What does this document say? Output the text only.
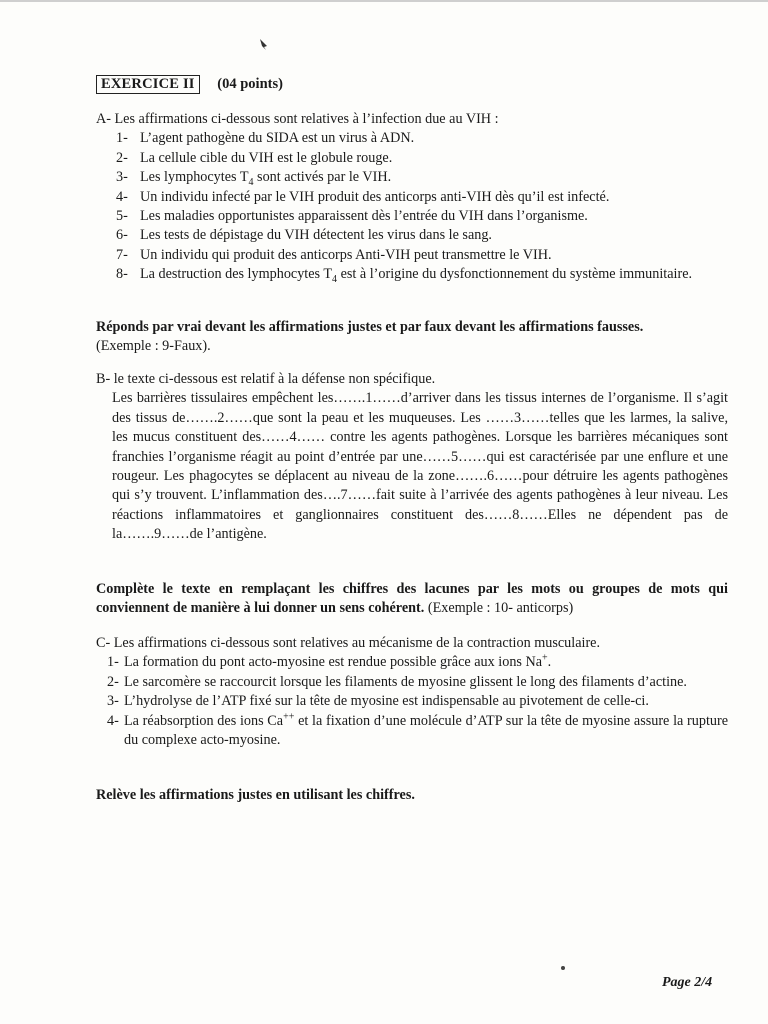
EXERCICE II (04 points)
A- Les affirmations ci-dessous sont relatives à l’infection due au VIH :
1- L’agent pathogène du SIDA est un virus à ADN.
2- La cellule cible du VIH est le globule rouge.
3- Les lymphocytes $T_4$ sont activés par le VIH.
4- Un individu infecté par le VIH produit des anticorps anti-VIH dès qu’il est infecté.
5- Les maladies opportunistes apparaissent dès l’entrée du VIH dans l’organisme.
6- Les tests de dépistage du VIH détectent les virus dans le sang.
7- Un individu qui produit des anticorps Anti-VIH peut transmettre le VIH.
8- La destruction des lymphocytes $T_4$ est à l’origine du dysfonctionnement du système immunitaire.
Réponds par vrai devant les affirmations justes et par faux devant les affirmations fausses.
(Exemple : 9-Faux).
B- le texte ci-dessous est relatif à la défense non spécifique.
Les barrières tissulaires empêchent les…….1……d’arriver dans les tissus internes de l’organisme. Il s’agit des tissus de…….2……que sont la peau et les muqueuses. Les ……3……telles que les larmes, la salive, les mucus constituent des……4…… contre les agents pathogènes. Lorsque les barrières mécaniques sont franchies l’organisme réagit au point d’entrée par une……5……qui est caractérisée par une enflure et une rougeur. Les phagocytes se déplacent au niveau de la zone…….6……pour détruire les agents pathogènes qui s’y trouvent. L’inflammation des….7……fait suite à l’arrivée des agents pathogènes à leur niveau. Les réactions inflammatoires et ganglionnaires constituent des……8……Elles ne dépendent pas de la…….9……de l’antigène.
Complète le texte en remplaçant les chiffres des lacunes par les mots ou groupes de mots qui conviennent de manière à lui donner un sens cohérent. (Exemple : 10- anticorps)
C- Les affirmations ci-dessous sont relatives au mécanisme de la contraction musculaire.
1- La formation du pont acto-myosine est rendue possible grâce aux ions Na+.
2- Le sarcomère se raccourcit lorsque les filaments de myosine glissent le long des filaments d’actine.
3- L’hydrolyse de l’ATP fixé sur la tête de myosine est indispensable au pivotement de celle-ci.
4- La réabsorption des ions Ca++ et la fixation d’une molécule d’ATP sur la tête de myosine assure la rupture du complexe acto-myosine.
Relève les affirmations justes en utilisant les chiffres.
Page 2/4
